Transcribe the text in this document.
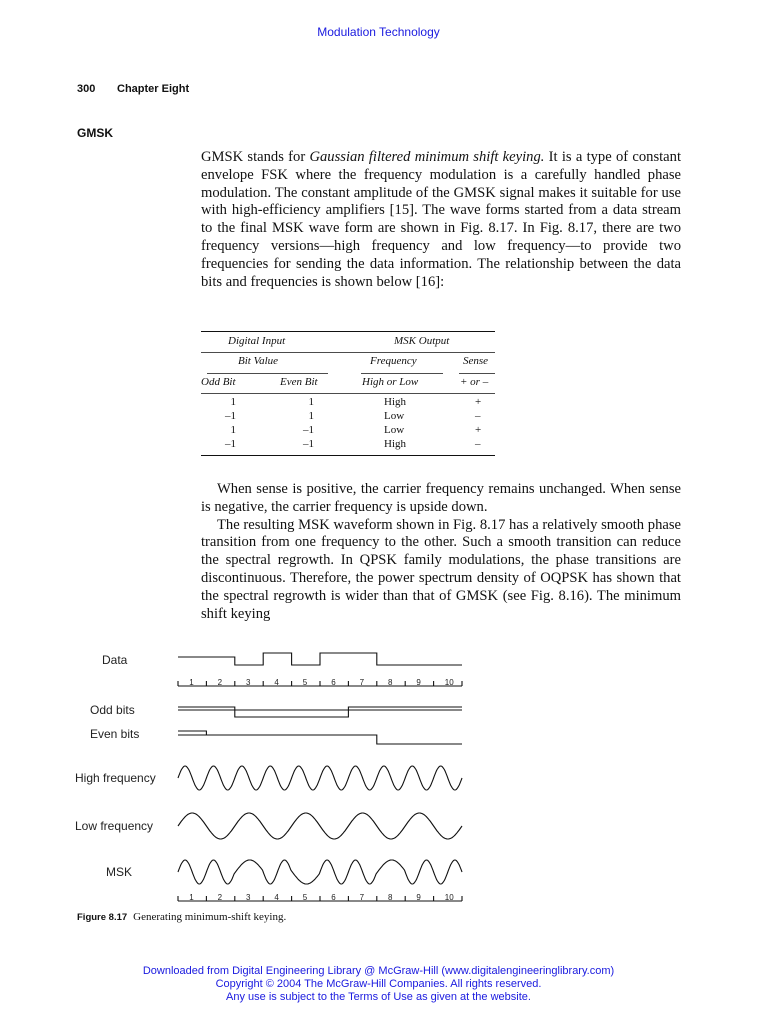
Modulation Technology
300 Chapter Eight
GMSK

GMSK stands for Gaussian filtered minimum shift keying. It is a type of constant envelope FSK where the frequency modulation is a carefully handled phase modulation. The constant amplitude of the GMSK signal makes it suitable for use with high-efficiency amplifiers [15]. The wave forms started from a data stream to the final MSK wave form are shown in Fig. 8.17. In Fig. 8.17, there are two frequency versions—high frequency and low frequency—to provide two frequencies for sending the data information. The relationship between the data bits and frequencies is shown below [16]:

Digital Input	MSK Output
Bit Value	Frequency	Sense
Odd Bit	Even Bit	High or Low	+ or –
1	1	High	+
–1	1	Low	–
1	–1	Low	+
–1	–1	High	–

When sense is positive, the carrier frequency remains unchanged. When sense is negative, the carrier frequency is upside down.

The resulting MSK waveform shown in Fig. 8.17 has a relatively smooth phase transition from one frequency to the other. Such a smooth transition can reduce the spectral regrowth. In QPSK family modulations, the phase transitions are discontinuous. Therefore, the power spectrum density of OQPSK has shown that the spectral regrowth is wider than that of GMSK (see Fig. 8.16). The minimum shift keying

Data
Odd bits
Even bits
High frequency
Low frequency
MSK
1	2	3	4	5	6	7	8	9	10
1	2	3	4	5	6	7	8	9	10
Figure 8.17 Generating minimum-shift keying.
Downloaded from Digital Engineering Library @ McGraw-Hill (www.digitalengineeringlibrary.com)
Copyright © 2004 The McGraw-Hill Companies. All rights reserved.
Any use is subject to the Terms of Use as given at the website.
